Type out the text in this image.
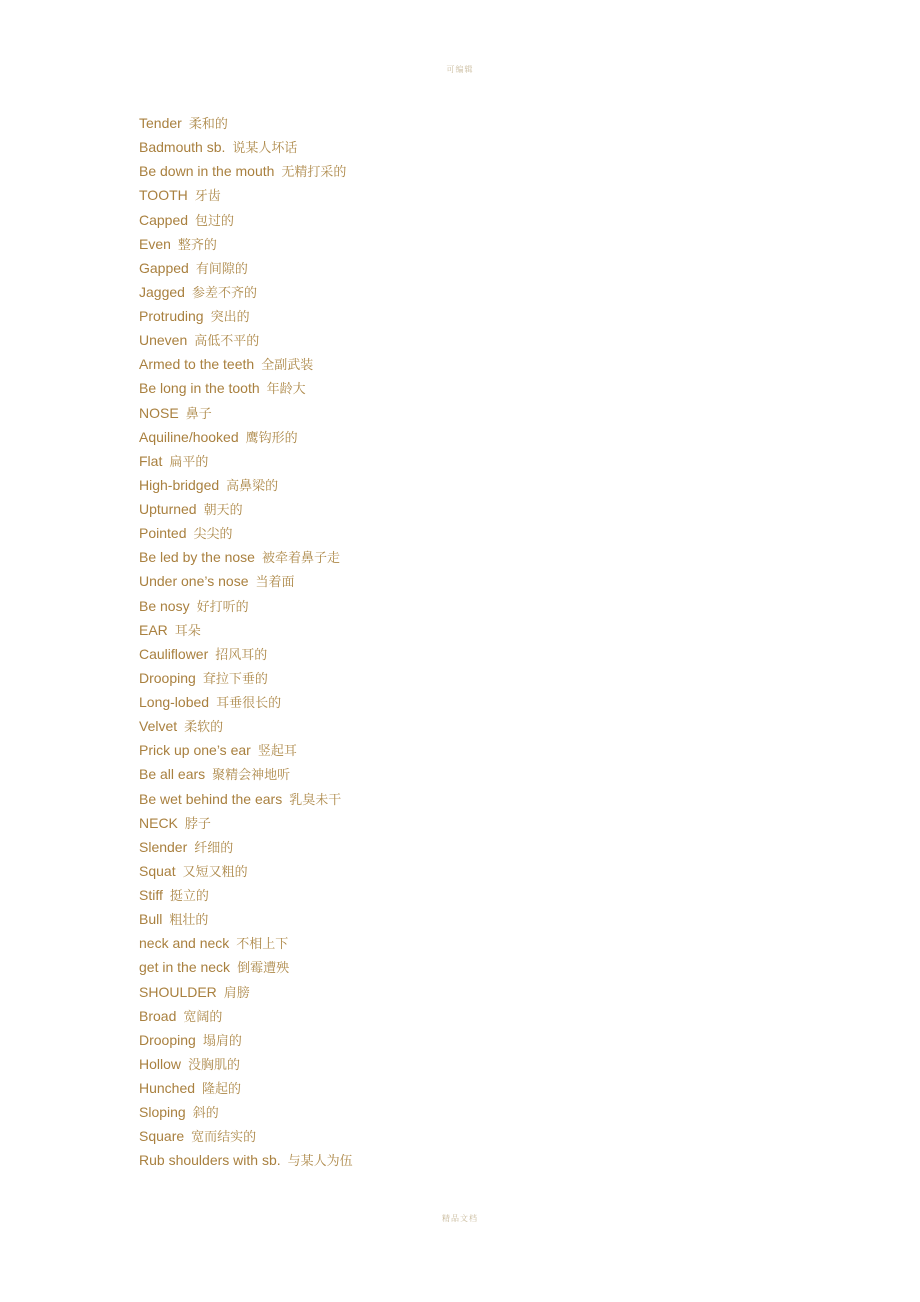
可编辑
Tender 柔和的
Badmouth sb. 说某人坏话
Be down in the mouth 无精打采的
TOOTH 牙齿
Capped 包过的
Even 整齐的
Gapped 有间隙的
Jagged 参差不齐的
Protruding 突出的
Uneven 高低不平的
Armed to the teeth 全副武装
Be long in the tooth 年龄大
NOSE 鼻子
Aquiline/hooked 鹰钩形的
Flat 扁平的
High-bridged 高鼻梁的
Upturned 朝天的
Pointed 尖尖的
Be led by the nose 被牵着鼻子走
Under one’s nose 当着面
Be nosy 好打听的
EAR 耳朵
Cauliflower 招风耳的
Drooping 耷拉下垂的
Long-lobed 耳垂很长的
Velvet 柔软的
Prick up one’s ear 竖起耳
Be all ears 聚精会神地听
Be wet behind the ears 乳臭未干
NECK 脖子
Slender 纤细的
Squat 又短又粗的
Stiff 挺立的
Bull 粗壮的
neck and neck 不相上下
get in the neck 倒霉遭殃
SHOULDER 肩膀
Broad 宽阔的
Drooping 塌肩的
Hollow 没胸肌的
Hunched 隆起的
Sloping 斜的
Square 宽而结实的
Rub shoulders with sb. 与某人为伍
精品文档
